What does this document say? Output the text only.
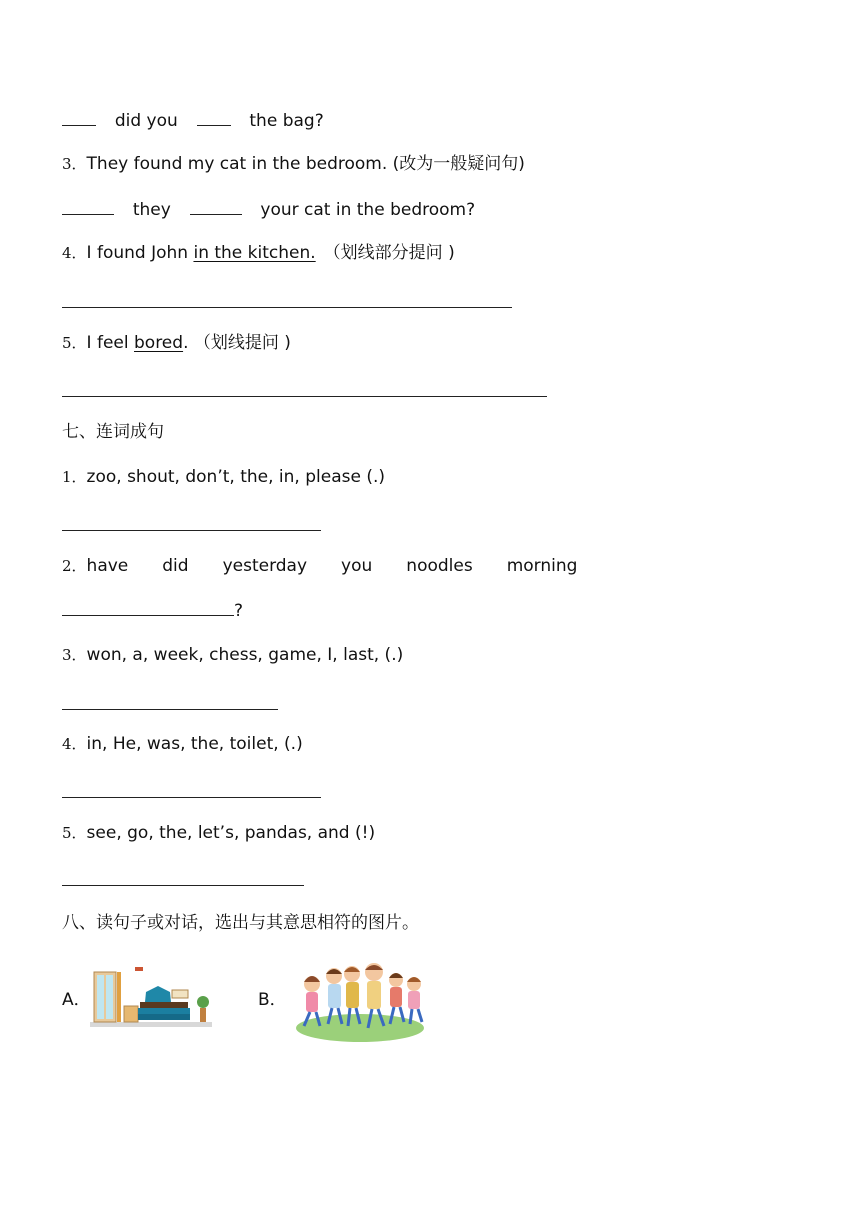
did you	the bag?
3．They found my cat in the bedroom. (改为一般疑问句)
they	your cat in the bedroom?
4．I found John in the kitchen. （划线部分提问 )
5．I feel bored. （划线提问 )
七、连词成句
1．zoo, shout, don’t, the, in, please (.)
2．have did yesterday you noodles morning
?
3．won, a, week, chess, game, I, last, (.)
4．in, He, was, the, toilet, (.)
5．see, go, the, let’s, pandas, and (!)
八、读句子或对话，选出与其意思相符的图片。
A．	B．
